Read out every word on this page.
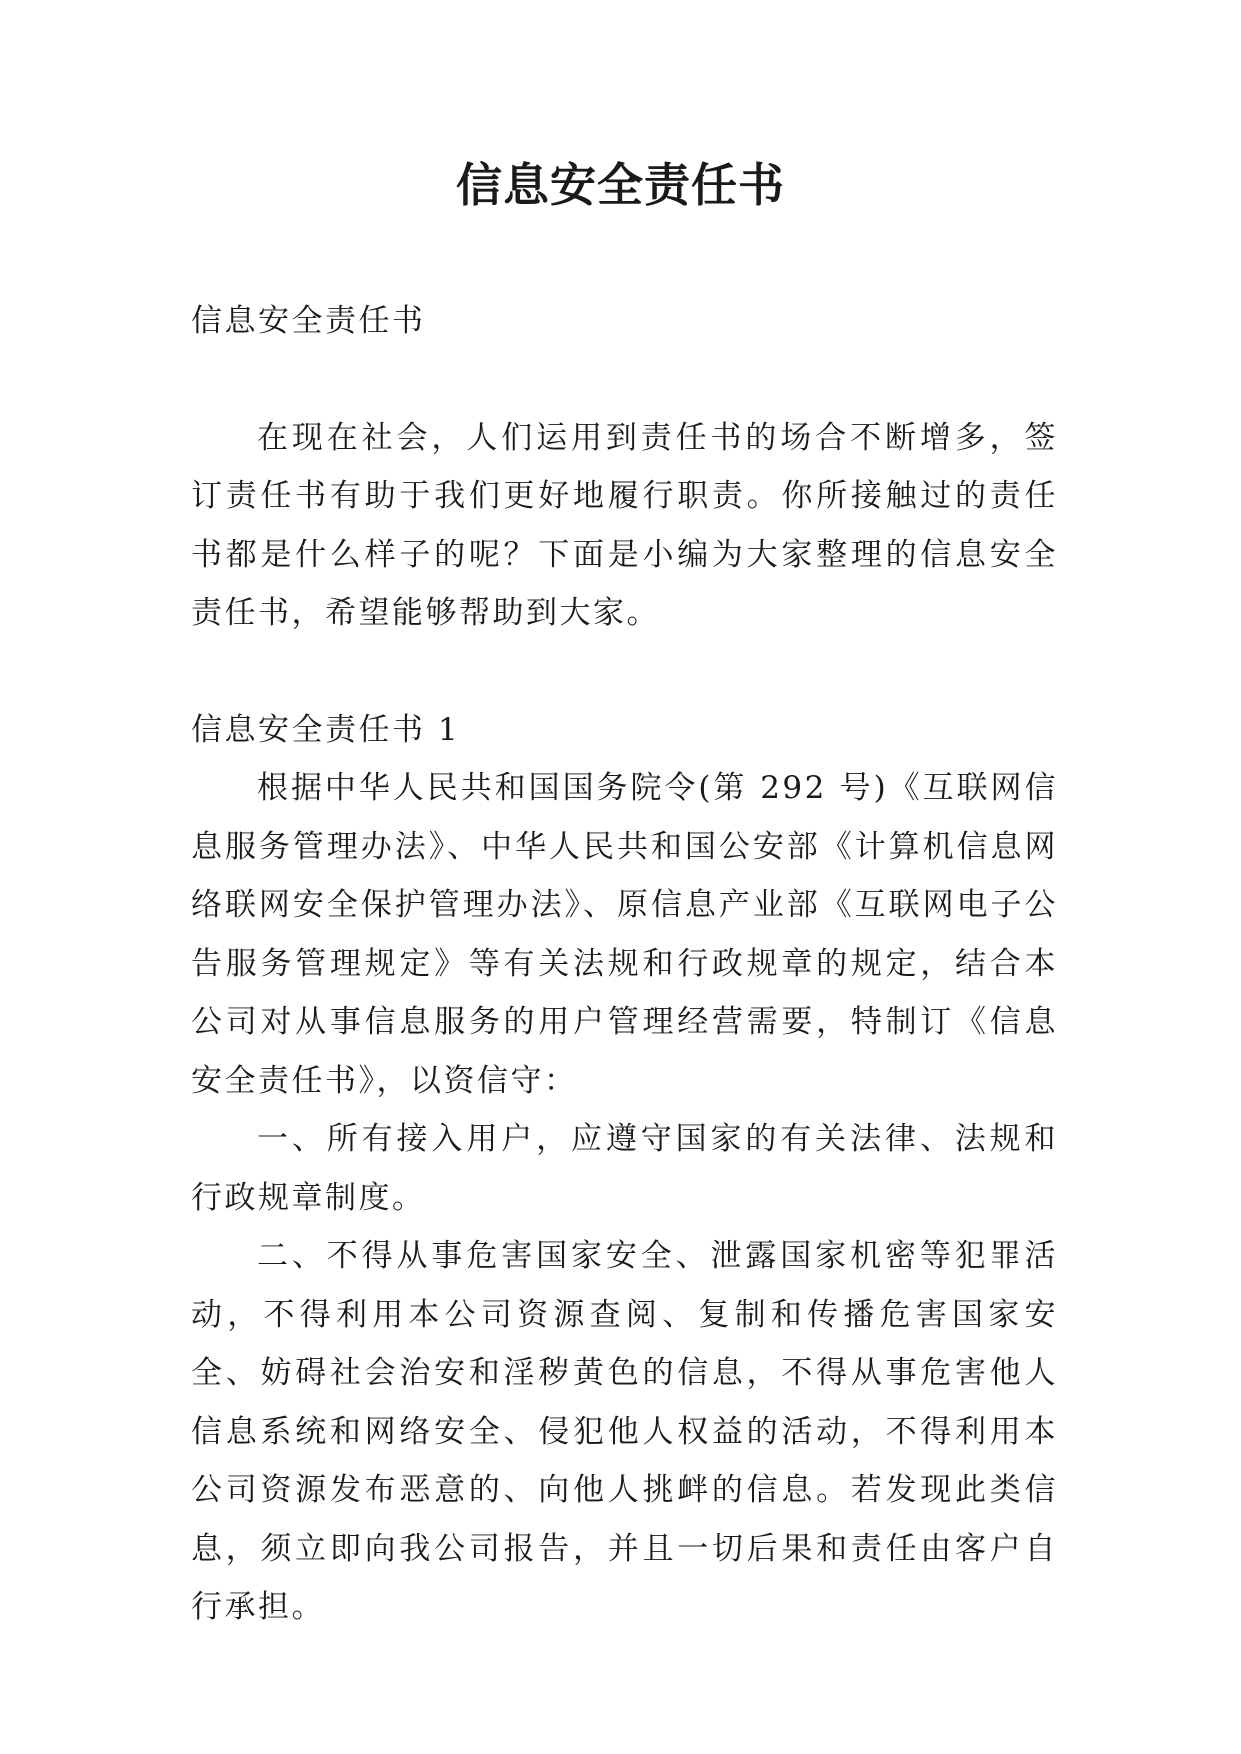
信息安全责任书

信息安全责任书

在现在社会，人们运用到责任书的场合不断增多，签订责任书有助于我们更好地履行职责。你所接触过的责任书都是什么样子的呢？下面是小编为大家整理的信息安全责任书，希望能够帮助到大家。

信息安全责任书 1

根据中华人民共和国国务院令(第 292 号)《互联网信息服务管理办法》、中华人民共和国公安部《计算机信息网络联网安全保护管理办法》、原信息产业部《互联网电子公告服务管理规定》等有关法规和行政规章的规定，结合本公司对从事信息服务的用户管理经营需要，特制订《信息安全责任书》，以资信守：

一、所有接入用户，应遵守国家的有关法律、法规和行政规章制度。

二、不得从事危害国家安全、泄露国家机密等犯罪活动，不得利用本公司资源查阅、复制和传播危害国家安全、妨碍社会治安和淫秽黄色的信息，不得从事危害他人信息系统和网络安全、侵犯他人权益的活动，不得利用本公司资源发布恶意的、向他人挑衅的信息。若发现此类信息，须立即向我公司报告，并且一切后果和责任由客户自行承担。
